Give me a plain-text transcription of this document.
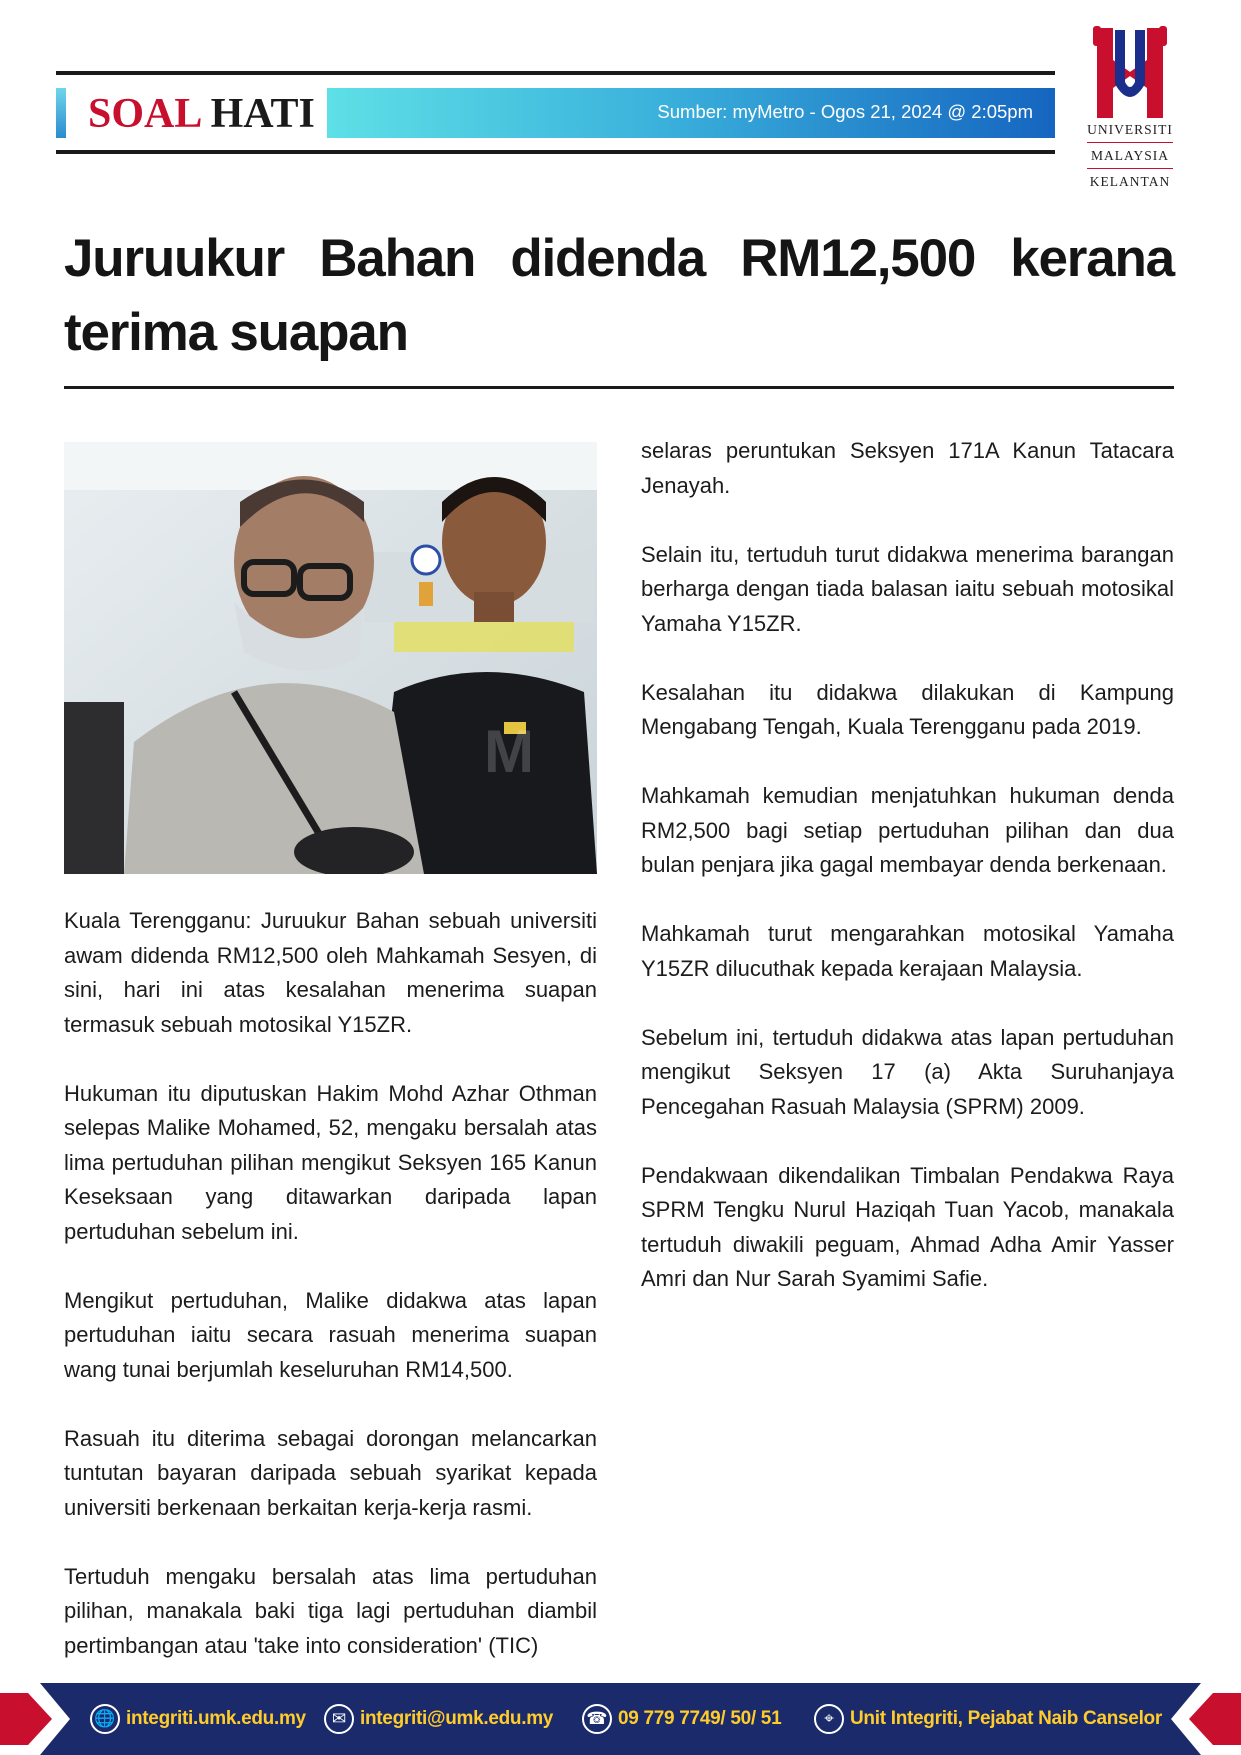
SOAL HATI	Sumber: myMetro - Ogos 21, 2024 @ 2:05pm
UNIVERSITI
MALAYSIA
KELANTAN
Juruukur Bahan didenda RM12,500 kerana
terima suapan
M

Kuala Terengganu: Juruukur Bahan sebuah universiti awam didenda RM12,500 oleh Mahkamah Sesyen, di sini, hari ini atas kesalahan menerima suapan termasuk sebuah motosikal Y15ZR.

Hukuman itu diputuskan Hakim Mohd Azhar Othman selepas Malike Mohamed, 52, mengaku bersalah atas lima pertuduhan pilihan mengikut Seksyen 165 Kanun Keseksaan yang ditawarkan daripada lapan pertuduhan sebelum ini.

Mengikut pertuduhan, Malike didakwa atas lapan pertuduhan iaitu secara rasuah menerima suapan wang tunai berjumlah keseluruhan RM14,500.

Rasuah itu diterima sebagai dorongan melancarkan tuntutan bayaran daripada sebuah syarikat kepada universiti berkenaan berkaitan kerja-kerja rasmi.

Tertuduh mengaku bersalah atas lima pertuduhan pilihan, manakala baki tiga lagi pertuduhan diambil pertimbangan atau 'take into consideration' (TIC)

selaras peruntukan Seksyen 171A Kanun Tatacara Jenayah.

Selain itu, tertuduh turut didakwa menerima barangan berharga dengan tiada balasan iaitu sebuah motosikal Yamaha Y15ZR.

Kesalahan itu didakwa dilakukan di Kampung Mengabang Tengah, Kuala Terengganu pada 2019.

Mahkamah kemudian menjatuhkan hukuman denda RM2,500 bagi setiap pertuduhan pilihan dan dua bulan penjara jika gagal membayar denda berkenaan.

Mahkamah turut mengarahkan motosikal Yamaha Y15ZR dilucuthak kepada kerajaan Malaysia.

Sebelum ini, tertuduh didakwa atas lapan pertuduhan mengikut Seksyen 17 (a) Akta Suruhanjaya Pencegahan Rasuah Malaysia (SPRM) 2009.

Pendakwaan dikendalikan Timbalan Pendakwa Raya SPRM Tengku Nurul Haziqah Tuan Yacob, manakala tertuduh diwakili peguam, Ahmad Adha Amir Yasser Amri dan Nur Sarah Syamimi Safie.

🌐 integriti.umk.edu.my	✉ integriti@umk.edu.my ☎ 09 779 7749/ 50/ 51	⌖ Unit Integriti, Pejabat Naib Canselor
